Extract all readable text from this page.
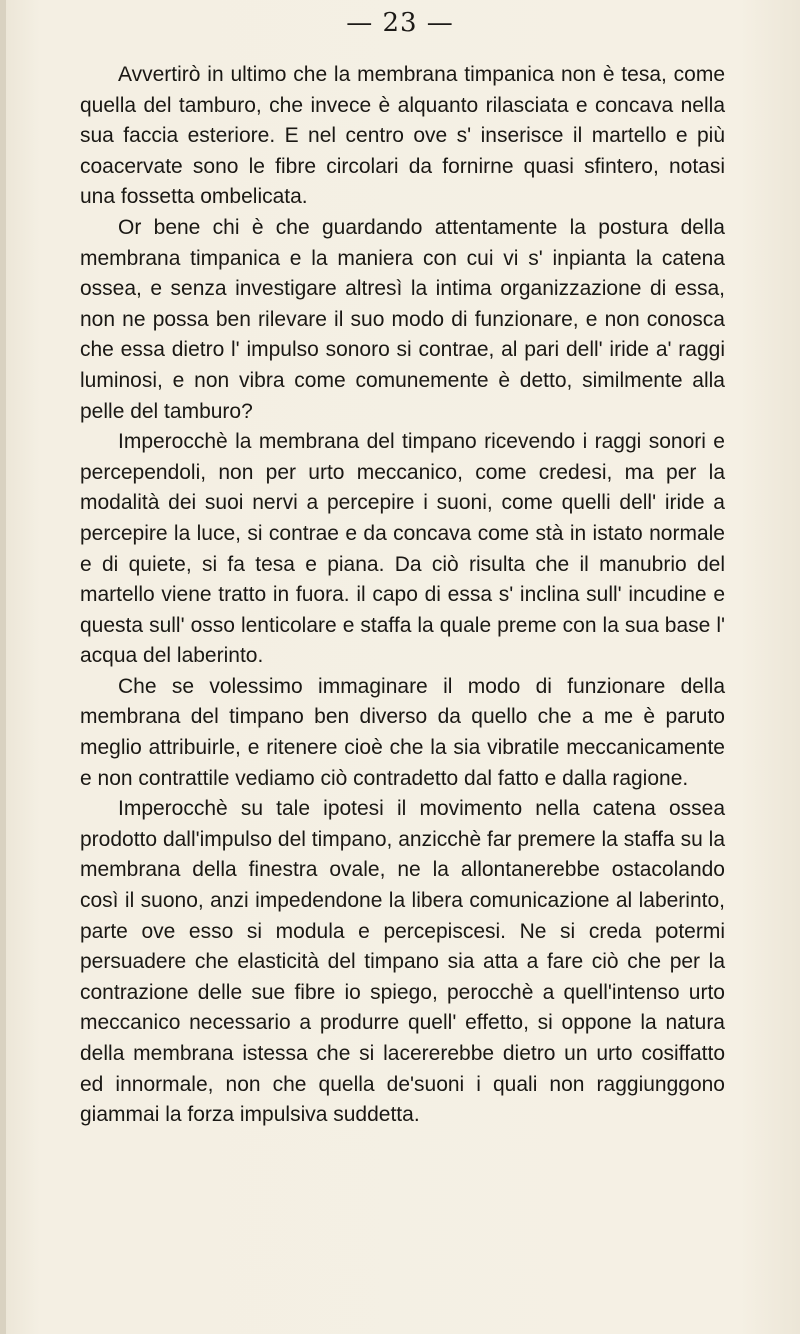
— 23 —

Avvertirò in ultimo che la membrana timpanica non è tesa, come quella del tamburo, che invece è alquanto rilasciata e concava nella sua faccia esteriore. E nel centro ove s' inserisce il martello e più coacervate sono le fibre circolari da fornirne quasi sfintero, notasi una fossetta ombelicata.

Or bene chi è che guardando attentamente la postura della membrana timpanica e la maniera con cui vi s' inpianta la catena ossea, e senza investigare altresì la intima organizzazione di essa, non ne possa ben rilevare il suo modo di funzionare, e non conosca che essa dietro l' impulso sonoro si contrae, al pari dell' iride a' raggi luminosi, e non vibra come comunemente è detto, similmente alla pelle del tamburo?

Imperocchè la membrana del timpano ricevendo i raggi sonori e percependoli, non per urto meccanico, come credesi, ma per la modalità dei suoi nervi a percepire i suoni, come quelli dell' iride a percepire la luce, si contrae e da concava come stà in istato normale e di quiete, si fa tesa e piana. Da ciò risulta che il manubrio del martello viene tratto in fuora. il capo di essa s' inclina sull' incudine e questa sull' osso lenticolare e staffa la quale preme con la sua base l' acqua del laberinto.

Che se volessimo immaginare il modo di funzionare della membrana del timpano ben diverso da quello che a me è paruto meglio attribuirle, e ritenere cioè che la sia vibratile meccanicamente e non contrattile vediamo ciò contradetto dal fatto e dalla ragione.

Imperocchè su tale ipotesi il movimento nella catena ossea prodotto dall'impulso del timpano, anzicchè far premere la staffa su la membrana della finestra ovale, ne la allontanerebbe ostacolando così il suono, anzi impedendone la libera comunicazione al laberinto, parte ove esso si modula e percepiscesi. Ne si creda potermi persuadere che elasticità del timpano sia atta a fare ciò che per la contrazione delle sue fibre io spiego, perocchè a quell'intenso urto meccanico necessario a produrre quell' effetto, si oppone la natura della membrana istessa che si lacererebbe dietro un urto cosiffatto ed innormale, non che quella de'suoni i quali non raggiunggono giammai la forza impulsiva suddetta.
